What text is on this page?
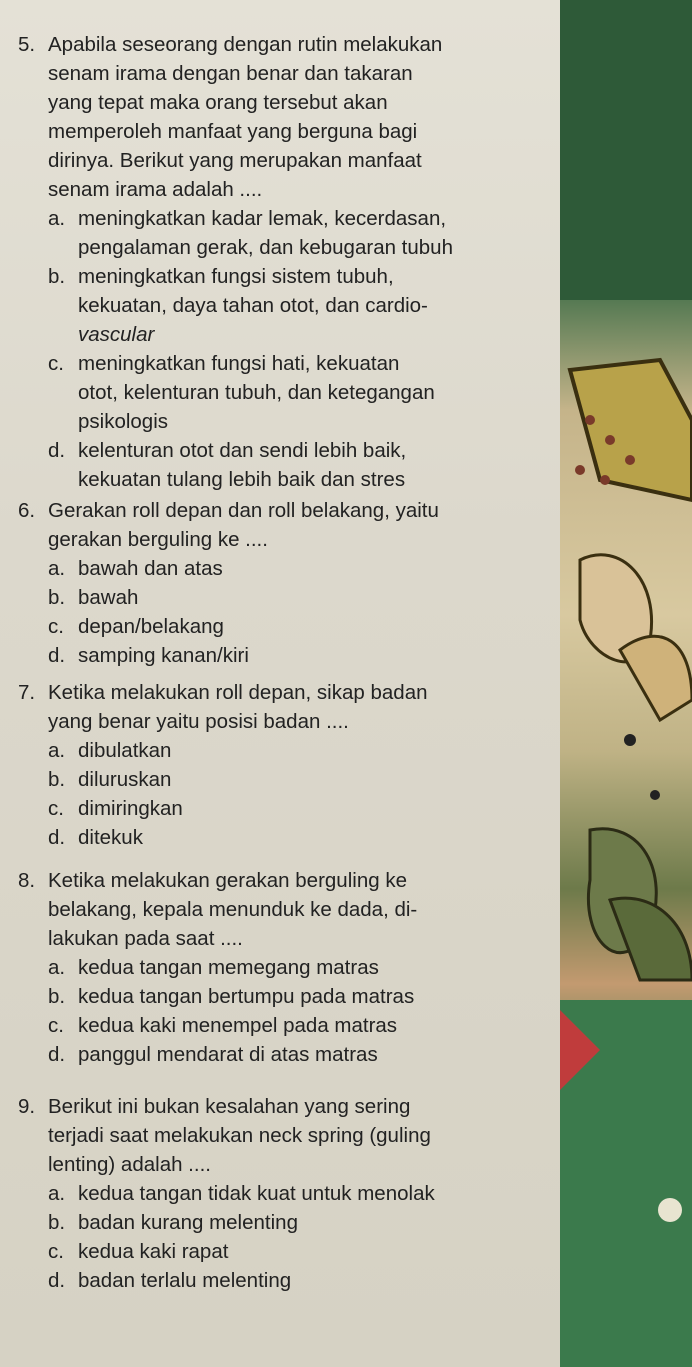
5. Apabila seseorang dengan rutin melakukan
senam irama dengan benar dan takaran
yang tepat maka orang tersebut akan
memperoleh manfaat yang berguna bagi
dirinya. Berikut yang merupakan manfaat
senam irama adalah ....
a. meningkatkan kadar lemak, kecerdasan,
pengalaman gerak, dan kebugaran tubuh
b. meningkatkan fungsi sistem tubuh,
kekuatan, daya tahan otot, dan cardio-
vascular
c. meningkatkan fungsi hati, kekuatan
otot, kelenturan tubuh, dan ketegangan
psikologis
d. kelenturan otot dan sendi lebih baik,
kekuatan tulang lebih baik dan stres
6. Gerakan roll depan dan roll belakang, yaitu
gerakan berguling ke ....
a. bawah dan atas
b. bawah
c. depan/belakang
d. samping kanan/kiri
7. Ketika melakukan roll depan, sikap badan
yang benar yaitu posisi badan ....
a. dibulatkan
b. diluruskan
c. dimiringkan
d. ditekuk
8. Ketika melakukan gerakan berguling ke
belakang, kepala menunduk ke dada, di-
lakukan pada saat ....
a. kedua tangan memegang matras
b. kedua tangan bertumpu pada matras
c. kedua kaki menempel pada matras
d. panggul mendarat di atas matras
9. Berikut ini bukan kesalahan yang sering
terjadi saat melakukan neck spring (guling
lenting) adalah ....
a. kedua tangan tidak kuat untuk menolak
b. badan kurang melenting
c. kedua kaki rapat
d. badan terlalu melenting
